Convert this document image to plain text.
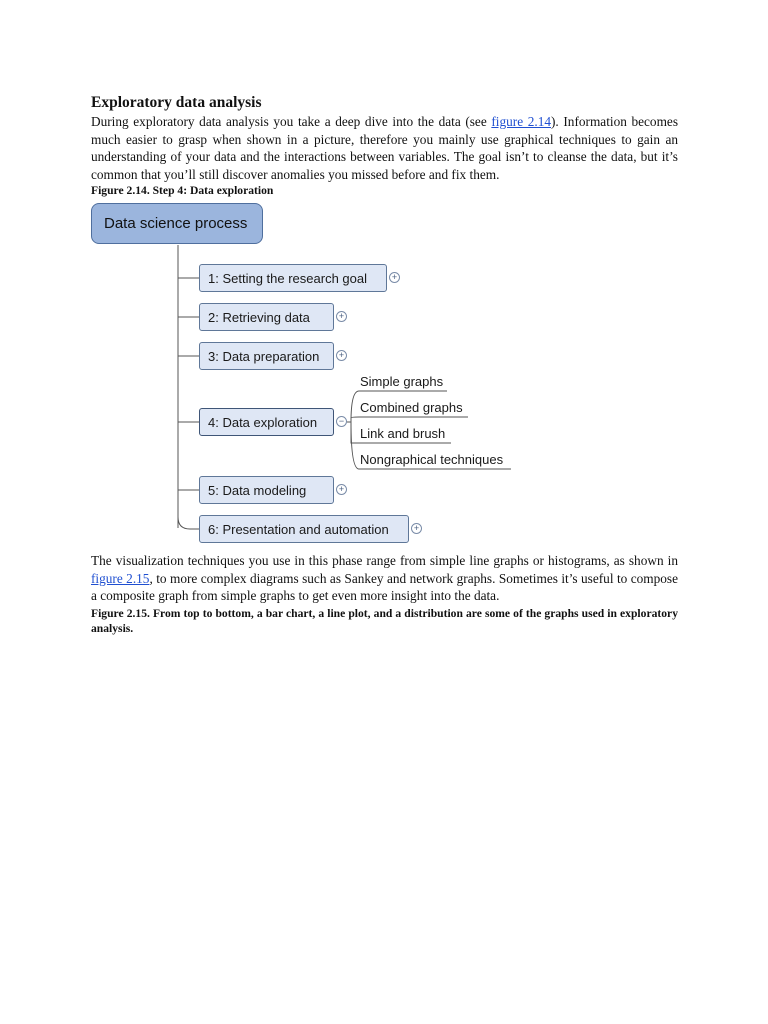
Exploratory data analysis

During exploratory data analysis you take a deep dive into the data (see figure 2.14). Information becomes much easier to grasp when shown in a picture, therefore you mainly use graphical techniques to gain an understanding of your data and the interactions between variables. The goal isn’t to cleanse the data, but it’s common that you’ll still discover anomalies you missed before and fix them.

Figure 2.14. Step 4: Data exploration

Data science process
1: Setting the research goal	+
2: Retrieving data	+
3: Data preparation	+
4: Data exploration	−
5: Data modeling	+
6: Presentation and automation	+
Simple graphs
Combined graphs
Link and brush
Nongraphical techniques

The visualization techniques you use in this phase range from simple line graphs or histograms, as shown in figure 2.15, to more complex diagrams such as Sankey and network graphs. Sometimes it’s useful to compose a composite graph from simple graphs to get even more insight into the data.

Figure 2.15. From top to bottom, a bar chart, a line plot, and a distribution are some of the graphs used in exploratory analysis.
